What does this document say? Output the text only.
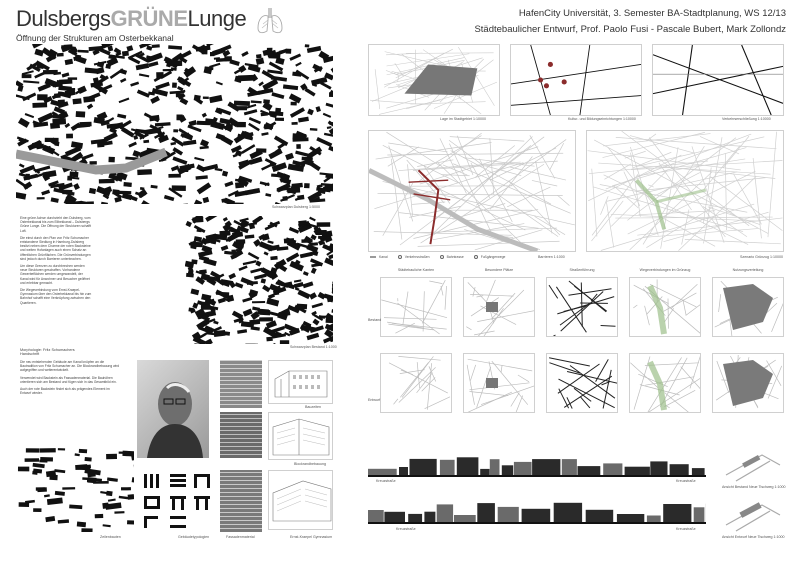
DulsbergsGRÜNELunge
Öffnung der Strukturen am Osterbekkanal
HafenCity Universität, 3. Semester BA-Stadtplanung, WS 12/13
Städtebaulicher Entwurf, Prof. Paolo Fusi - Pascale Bubert, Mark Zollondz
Schwarzplan Dulsberg 1:5000

Eine grüne Achse durchzieht den Dulsberg, vom Osterbekkanal bis zum Eilbekkanal – Dulsbergs Grüne Lunge. Die Öffnung der Strukturen schafft Luft.

Die einst durch den Plan von Fritz Schumacher entstandene Siedlung in Hamburg-Dulsberg besitzt neben dem Charme der roten Backsteine und weiten Hofanlagen auch einen Schatz an öffentlichen Grünflächen. Die Grünverbindungen sind jedoch durch Barrieren unterbrochen.

Um diese Grenzen zu durchbrechen werden neue Strukturen geschaffen. Vorhandene Gewerbeflächen werden umgewandelt, der Kanal wird für Anwohner und Besucher geöffnet und erlebbar gemacht.

Die Wegeverbindung vom Ernst-Kraepel-Gymnasium über den Osterbekkanal bis hin zum Bahnhof schafft eine Verknüpfung zwischen den Quartieren.

Morphologie: Fritz Schumachers Handschrift

Die neu entstehenden Gebäude am Kanal knüpfen an die Bautradition von Fritz Schumacher an. Die Blockrandbebauung wird aufgegriffen und weiterentwickelt.

Verwendet wird Backstein als Fassadenmaterial. Die Bauhöhen orientieren sich am Bestand und fügen sich in das Gesamtbild ein.

Auch der rote Backstein findet sich als prägendes Element im Entwurf wieder.

Schwarzplan Bestand 1:1000
Fassadenmaterial
Bauzeiten
Blockrandbebauung
Ernst-Kraepel Gymnasium
Gebäudetypologien
Zeilenbauten
Lage im Stadtgebiet 1:10000	Kultur- und Bildungseinrichtungen 1:10000	Verkehrserschließung 1:10000
Kanal	Verkehrsstraßen	Bahntrasse	Fußgängerwege	Barrieren 1:1000	Szenario Grünzug 1:10000
Städtebauliche Kanten	Besondere Plätze	Straßenführung	Wegeverbindungen im Grünzug	Nutzungsverteilung
Bestand
Entwurf
Kreuzstraße	Kreuzstraße
Kreuzstraße	Kreuzstraße
Ansicht Bestand Neue Tischweg 1:1000
Ansicht Entwurf Neue Tischweg 1:1000
